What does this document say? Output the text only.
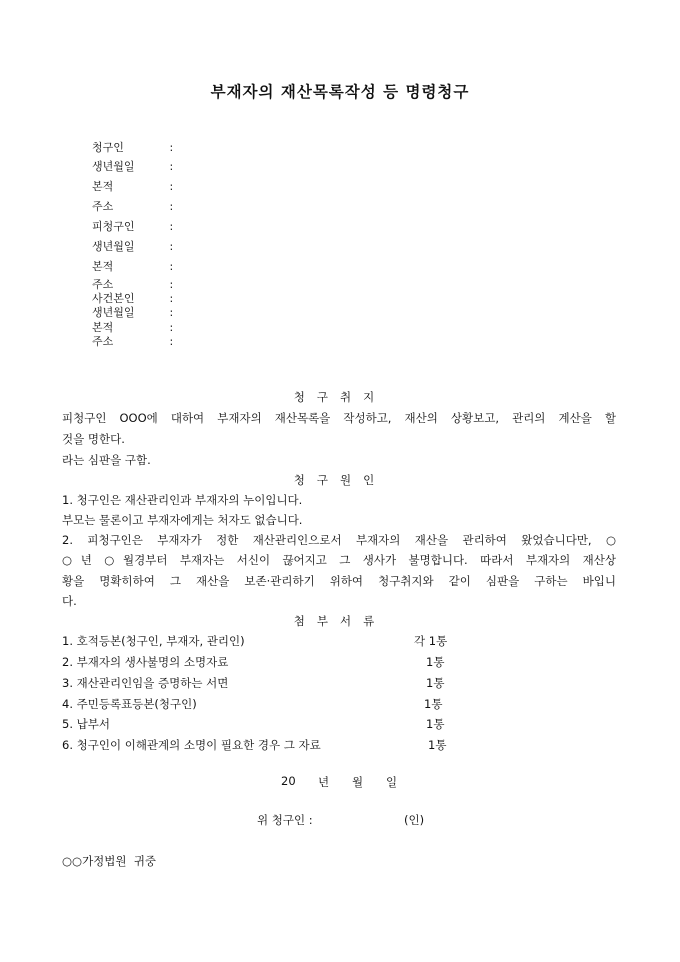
부재자의 재산목록작성 등 명령청구
청구인	:
생년월일	:
본적	:
주소	:
피청구인	:
생년월일	:
본적	:
주소	:
사건본인	:
생년월일	:
본적	:
주소	:
청구취지
피청구인 OOO에 대하여 부재자의 재산목록을 작성하고, 재산의 상황보고, 관리의 계산을 할
것을 명한다.
라는 심판을 구함.
청구원인
1. 청구인은 재산관리인과 부재자의 누이입니다.
부모는 물론이고 부재자에게는 처자도 없습니다.
2. 피청구인은 부재자가 정한 재산관리인으로서 부재자의 재산을 관리하여 왔었습니다만, ○
○년 ○월경부터 부재자는 서신이 끊어지고 그 생사가 불명합니다. 따라서 부재자의 재산상
황을 명확히하여 그 재산을 보존·관리하기 위하여 청구취지와 같이 심판을 구하는 바입니
다.
첨부서류
1. 호적등본(청구인, 부재자, 관리인)	각 1통
2. 부재자의 생사불명의 소명자료	1통
3. 재산관리인임을 증명하는 서면	1통
4. 주민등록표등본(청구인)	1통
5. 납부서	1통
6. 청구인이 이해관계의 소명이 필요한 경우 그 자료	1통
20 년 월 일
위 청구인 :	(인)
○○가정법원  귀중
